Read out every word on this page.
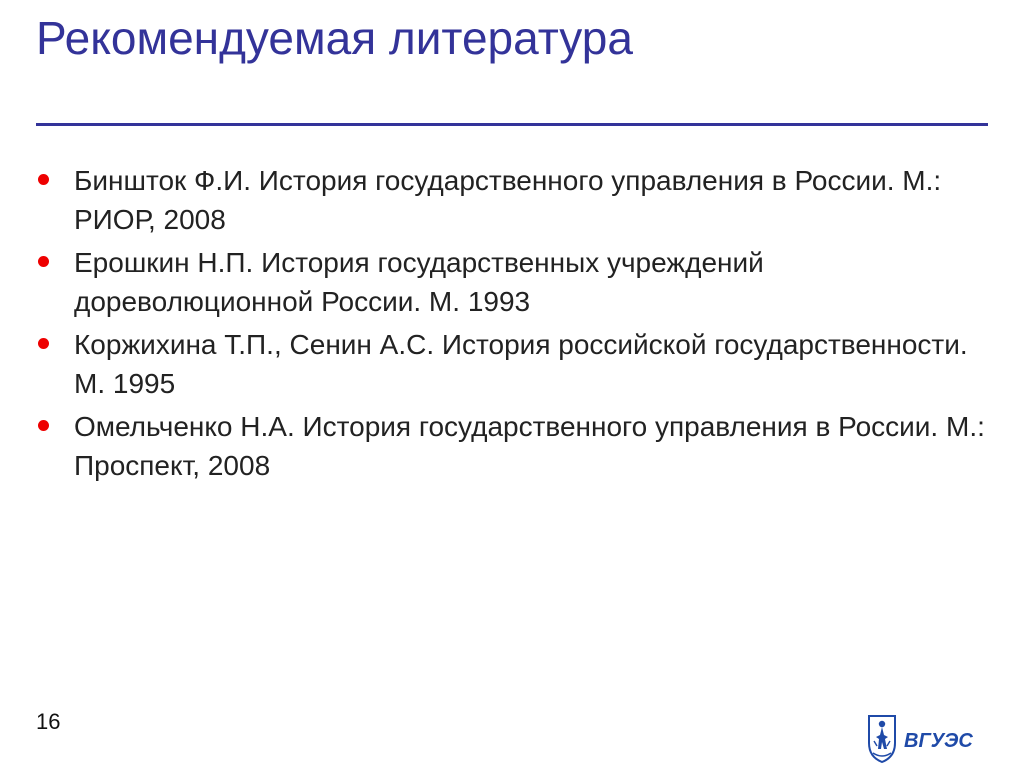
Рекомендуемая литература
Биншток Ф.И. История государственного управления в России. М.: РИОР, 2008
Ерошкин Н.П. История государственных учреждений дореволюционной России. М. 1993
Коржихина Т.П., Сенин А.С. История российской государственности. М. 1995
Омельченко Н.А. История государственного управления в России. М.: Проспект, 2008
16
ВГУЭС
